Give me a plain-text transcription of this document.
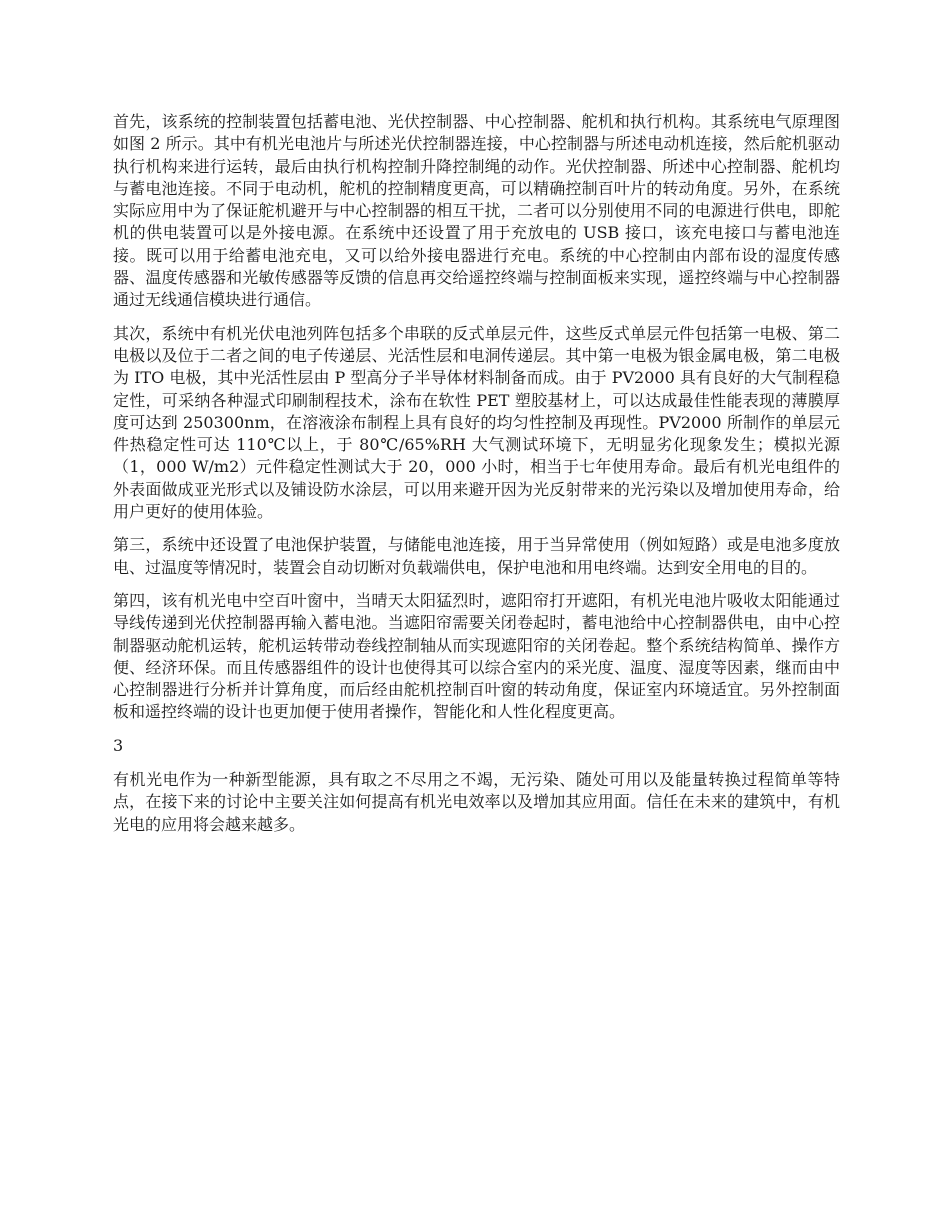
首先，该系统的控制装置包括蓄电池、光伏控制器、中心控制器、舵机和执行机构。其系统电气原理图如图 2 所示。其中有机光电池片与所述光伏控制器连接，中心控制器与所述电动机连接，然后舵机驱动执行机构来进行运转，最后由执行机构控制升降控制绳的动作。光伏控制器、所述中心控制器、舵机均与蓄电池连接。不同于电动机，舵机的控制精度更高，可以精确控制百叶片的转动角度。另外，在系统实际应用中为了保证舵机避开与中心控制器的相互干扰，二者可以分别使用不同的电源进行供电，即舵机的供电装置可以是外接电源。在系统中还设置了用于充放电的 USB 接口，该充电接口与蓄电池连接。既可以用于给蓄电池充电，又可以给外接电器进行充电。系统的中心控制由内部布设的湿度传感器、温度传感器和光敏传感器等反馈的信息再交给遥控终端与控制面板来实现，遥控终端与中心控制器通过无线通信模块进行通信。

其次，系统中有机光伏电池列阵包括多个串联的反式单层元件，这些反式单层元件包括第一电极、第二电极以及位于二者之间的电子传递层、光活性层和电洞传递层。其中第一电极为银金属电极，第二电极为 ITO 电极，其中光活性层由 P 型高分子半导体材料制备而成。由于 PV2000 具有良好的大气制程稳定性，可采纳各种湿式印刷制程技术，涂布在软性 PET 塑胶基材上，可以达成最佳性能表现的薄膜厚度可达到 250300nm，在溶液涂布制程上具有良好的均匀性控制及再现性。PV2000 所制作的单层元件热稳定性可达 110℃以上，于 80℃/65%RH 大气测试环境下，无明显劣化现象发生；模拟光源（1，000 W/m2）元件稳定性测试大于 20，000 小时，相当于七年使用寿命。最后有机光电组件的外表面做成亚光形式以及铺设防水涂层，可以用来避开因为光反射带来的光污染以及增加使用寿命，给用户更好的使用体验。

第三，系统中还设置了电池保护装置，与储能电池连接，用于当异常使用（例如短路）或是电池多度放电、过温度等情况时，装置会自动切断对负载端供电，保护电池和用电终端。达到安全用电的目的。

第四，该有机光电中空百叶窗中，当晴天太阳猛烈时，遮阳帘打开遮阳，有机光电池片吸收太阳能通过导线传递到光伏控制器再输入蓄电池。当遮阳帘需要关闭卷起时，蓄电池给中心控制器供电，由中心控制器驱动舵机运转，舵机运转带动卷线控制轴从而实现遮阳帘的关闭卷起。整个系统结构简单、操作方便、经济环保。而且传感器组件的设计也使得其可以综合室内的采光度、温度、湿度等因素，继而由中心控制器进行分析并计算角度，而后经由舵机控制百叶窗的转动角度，保证室内环境适宜。另外控制面板和遥控终端的设计也更加便于使用者操作，智能化和人性化程度更高。

3

有机光电作为一种新型能源，具有取之不尽用之不竭，无污染、随处可用以及能量转换过程简单等特点，在接下来的讨论中主要关注如何提高有机光电效率以及增加其应用面。信任在未来的建筑中，有机光电的应用将会越来越多。
